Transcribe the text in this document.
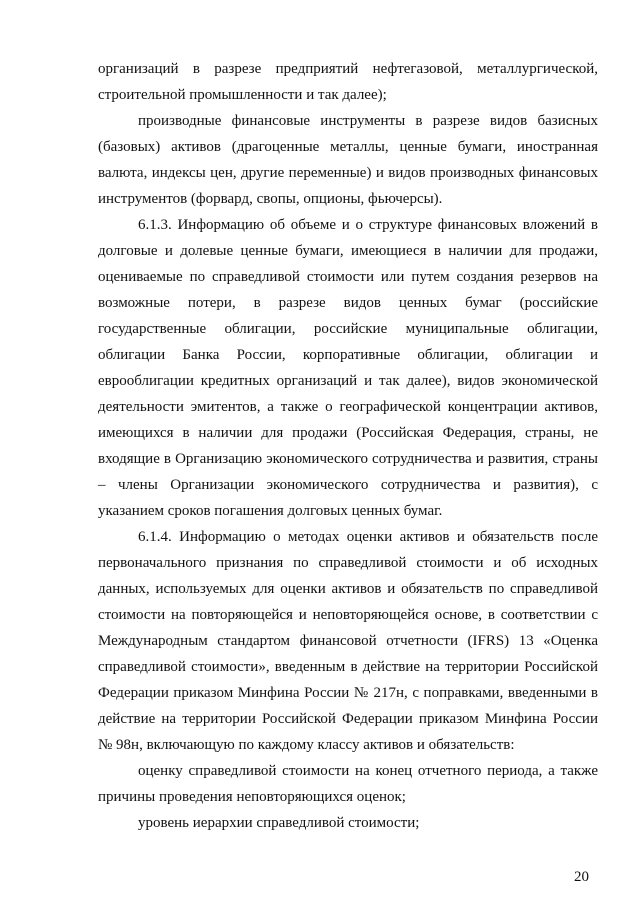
организаций в разрезе предприятий нефтегазовой, металлургической, строительной промышленности и так далее);

производные финансовые инструменты в разрезе видов базисных (базовых) активов (драгоценные металлы, ценные бумаги, иностранная валюта, индексы цен, другие переменные) и видов производных финансовых инструментов (форвард, свопы, опционы, фьючерсы).

6.1.3. Информацию об объеме и о структуре финансовых вложений в долговые и долевые ценные бумаги, имеющиеся в наличии для продажи, оцениваемые по справедливой стоимости или путем создания резервов на возможные потери, в разрезе видов ценных бумаг (российские государственные облигации, российские муниципальные облигации, облигации Банка России, корпоративные облигации, облигации и еврооблигации кредитных организаций и так далее), видов экономической деятельности эмитентов, а также о географической концентрации активов, имеющихся в наличии для продажи (Российская Федерация, страны, не входящие в Организацию экономического сотрудничества и развития, страны – члены Организации экономического сотрудничества и развития), с указанием сроков погашения долговых ценных бумаг.

6.1.4. Информацию о методах оценки активов и обязательств после первоначального признания по справедливой стоимости и об исходных данных, используемых для оценки активов и обязательств по справедливой стоимости на повторяющейся и неповторяющейся основе, в соответствии с Международным стандартом финансовой отчетности (IFRS) 13 «Оценка справедливой стоимости», введенным в действие на территории Российской Федерации приказом Минфина России № 217н, с поправками, введенными в действие на территории Российской Федерации приказом Минфина России № 98н, включающую по каждому классу активов и обязательств:

оценку справедливой стоимости на конец отчетного периода, а также причины проведения неповторяющихся оценок;

уровень иерархии справедливой стоимости;

20
